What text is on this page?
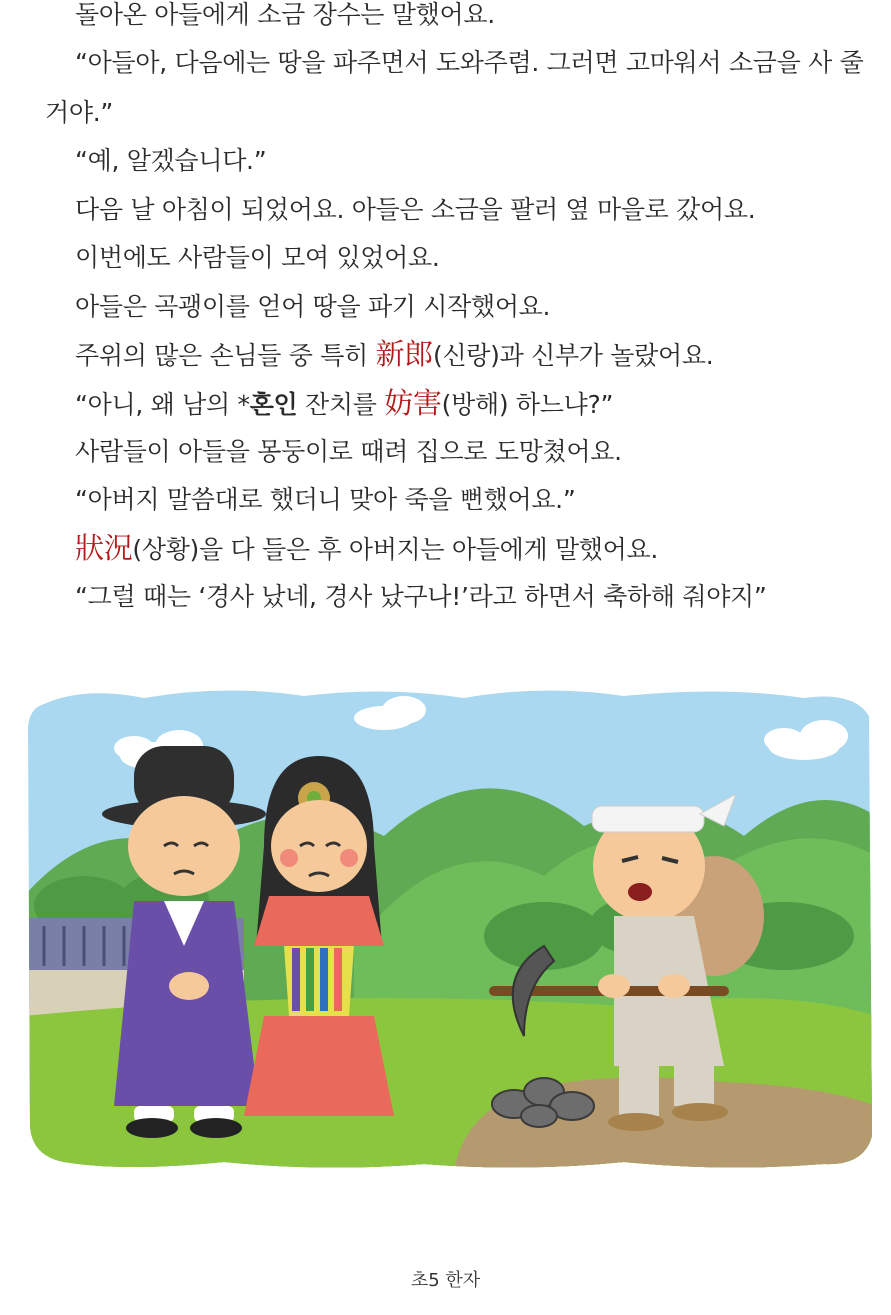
돌아온 아들에게 소금 장수는 말했어요.
“아들아, 다음에는 땅을 파주면서 도와주렴. 그러면 고마워서 소금을 사 줄
거야.”
“예, 알겠습니다.”
다음 날 아침이 되었어요. 아들은 소금을 팔러 옆 마을로 갔어요.
이번에도 사람들이 모여 있었어요.
아들은 곡괭이를 얻어 땅을 파기 시작했어요.
주위의 많은 손님들 중 특히 新郎(신랑)과 신부가 놀랐어요.
“아니, 왜 남의 *혼인 잔치를 妨害(방해) 하느냐?”
사람들이 아들을 몽둥이로 때려 집으로 도망쳤어요.
“아버지 말씀대로 했더니 맞아 죽을 뻔했어요.”
狀況(상황)을 다 들은 후 아버지는 아들에게 말했어요.
“그럴 때는 ‘경사 났네, 경사 났구나!’라고 하면서 축하해 줘야지”
초5 한자
